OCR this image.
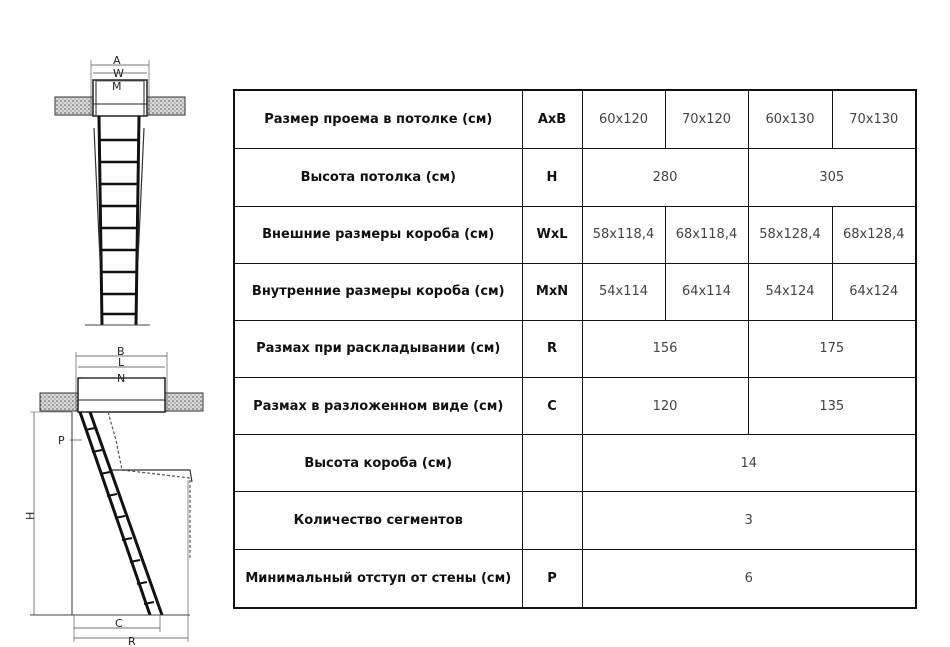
A
W
M
B
L
N
H
P
C
R
Размер проема в потолке (см)	AxB	60x120	70x120	60x130	70x130
Высота потолка (см)	H	280		305	
Внешние размеры короба (см)	WxL	58x118,4	68x118,4	58x128,4	68x128,4
Внутренние размеры короба (см)	MxN	54x114	64x114	54x124	64x124
Размах при раскладывании (см)	R	156		175	
Размах в разложенном виде (см)	C	120		135	
Высота короба (см)		14			
Количество сегментов		3			
Минимальный отступ от стены (см)	P	6			
